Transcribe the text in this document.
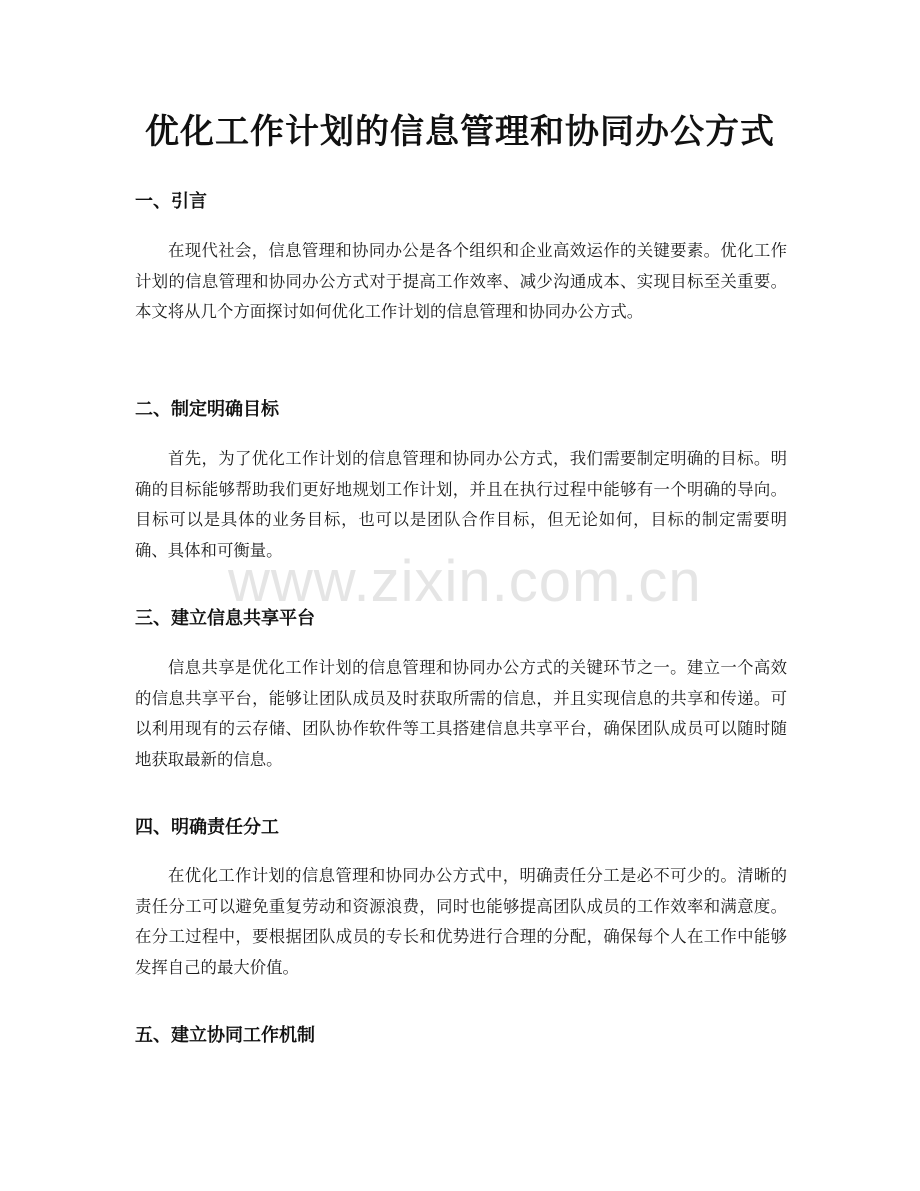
优化工作计划的信息管理和协同办公方式
一、引言

在现代社会，信息管理和协同办公是各个组织和企业高效运作的关键要素。优化工作计划的信息管理和协同办公方式对于提高工作效率、减少沟通成本、实现目标至关重要。本文将从几个方面探讨如何优化工作计划的信息管理和协同办公方式。

二、制定明确目标

首先，为了优化工作计划的信息管理和协同办公方式，我们需要制定明确的目标。明确的目标能够帮助我们更好地规划工作计划，并且在执行过程中能够有一个明确的导向。目标可以是具体的业务目标，也可以是团队合作目标，但无论如何，目标的制定需要明确、具体和可衡量。

三、建立信息共享平台

信息共享是优化工作计划的信息管理和协同办公方式的关键环节之一。建立一个高效的信息共享平台，能够让团队成员及时获取所需的信息，并且实现信息的共享和传递。可以利用现有的云存储、团队协作软件等工具搭建信息共享平台，确保团队成员可以随时随地获取最新的信息。

四、明确责任分工

在优化工作计划的信息管理和协同办公方式中，明确责任分工是必不可少的。清晰的责任分工可以避免重复劳动和资源浪费，同时也能够提高团队成员的工作效率和满意度。在分工过程中，要根据团队成员的专长和优势进行合理的分配，确保每个人在工作中能够发挥自己的最大价值。

五、建立协同工作机制
www.zixin.com.cn
